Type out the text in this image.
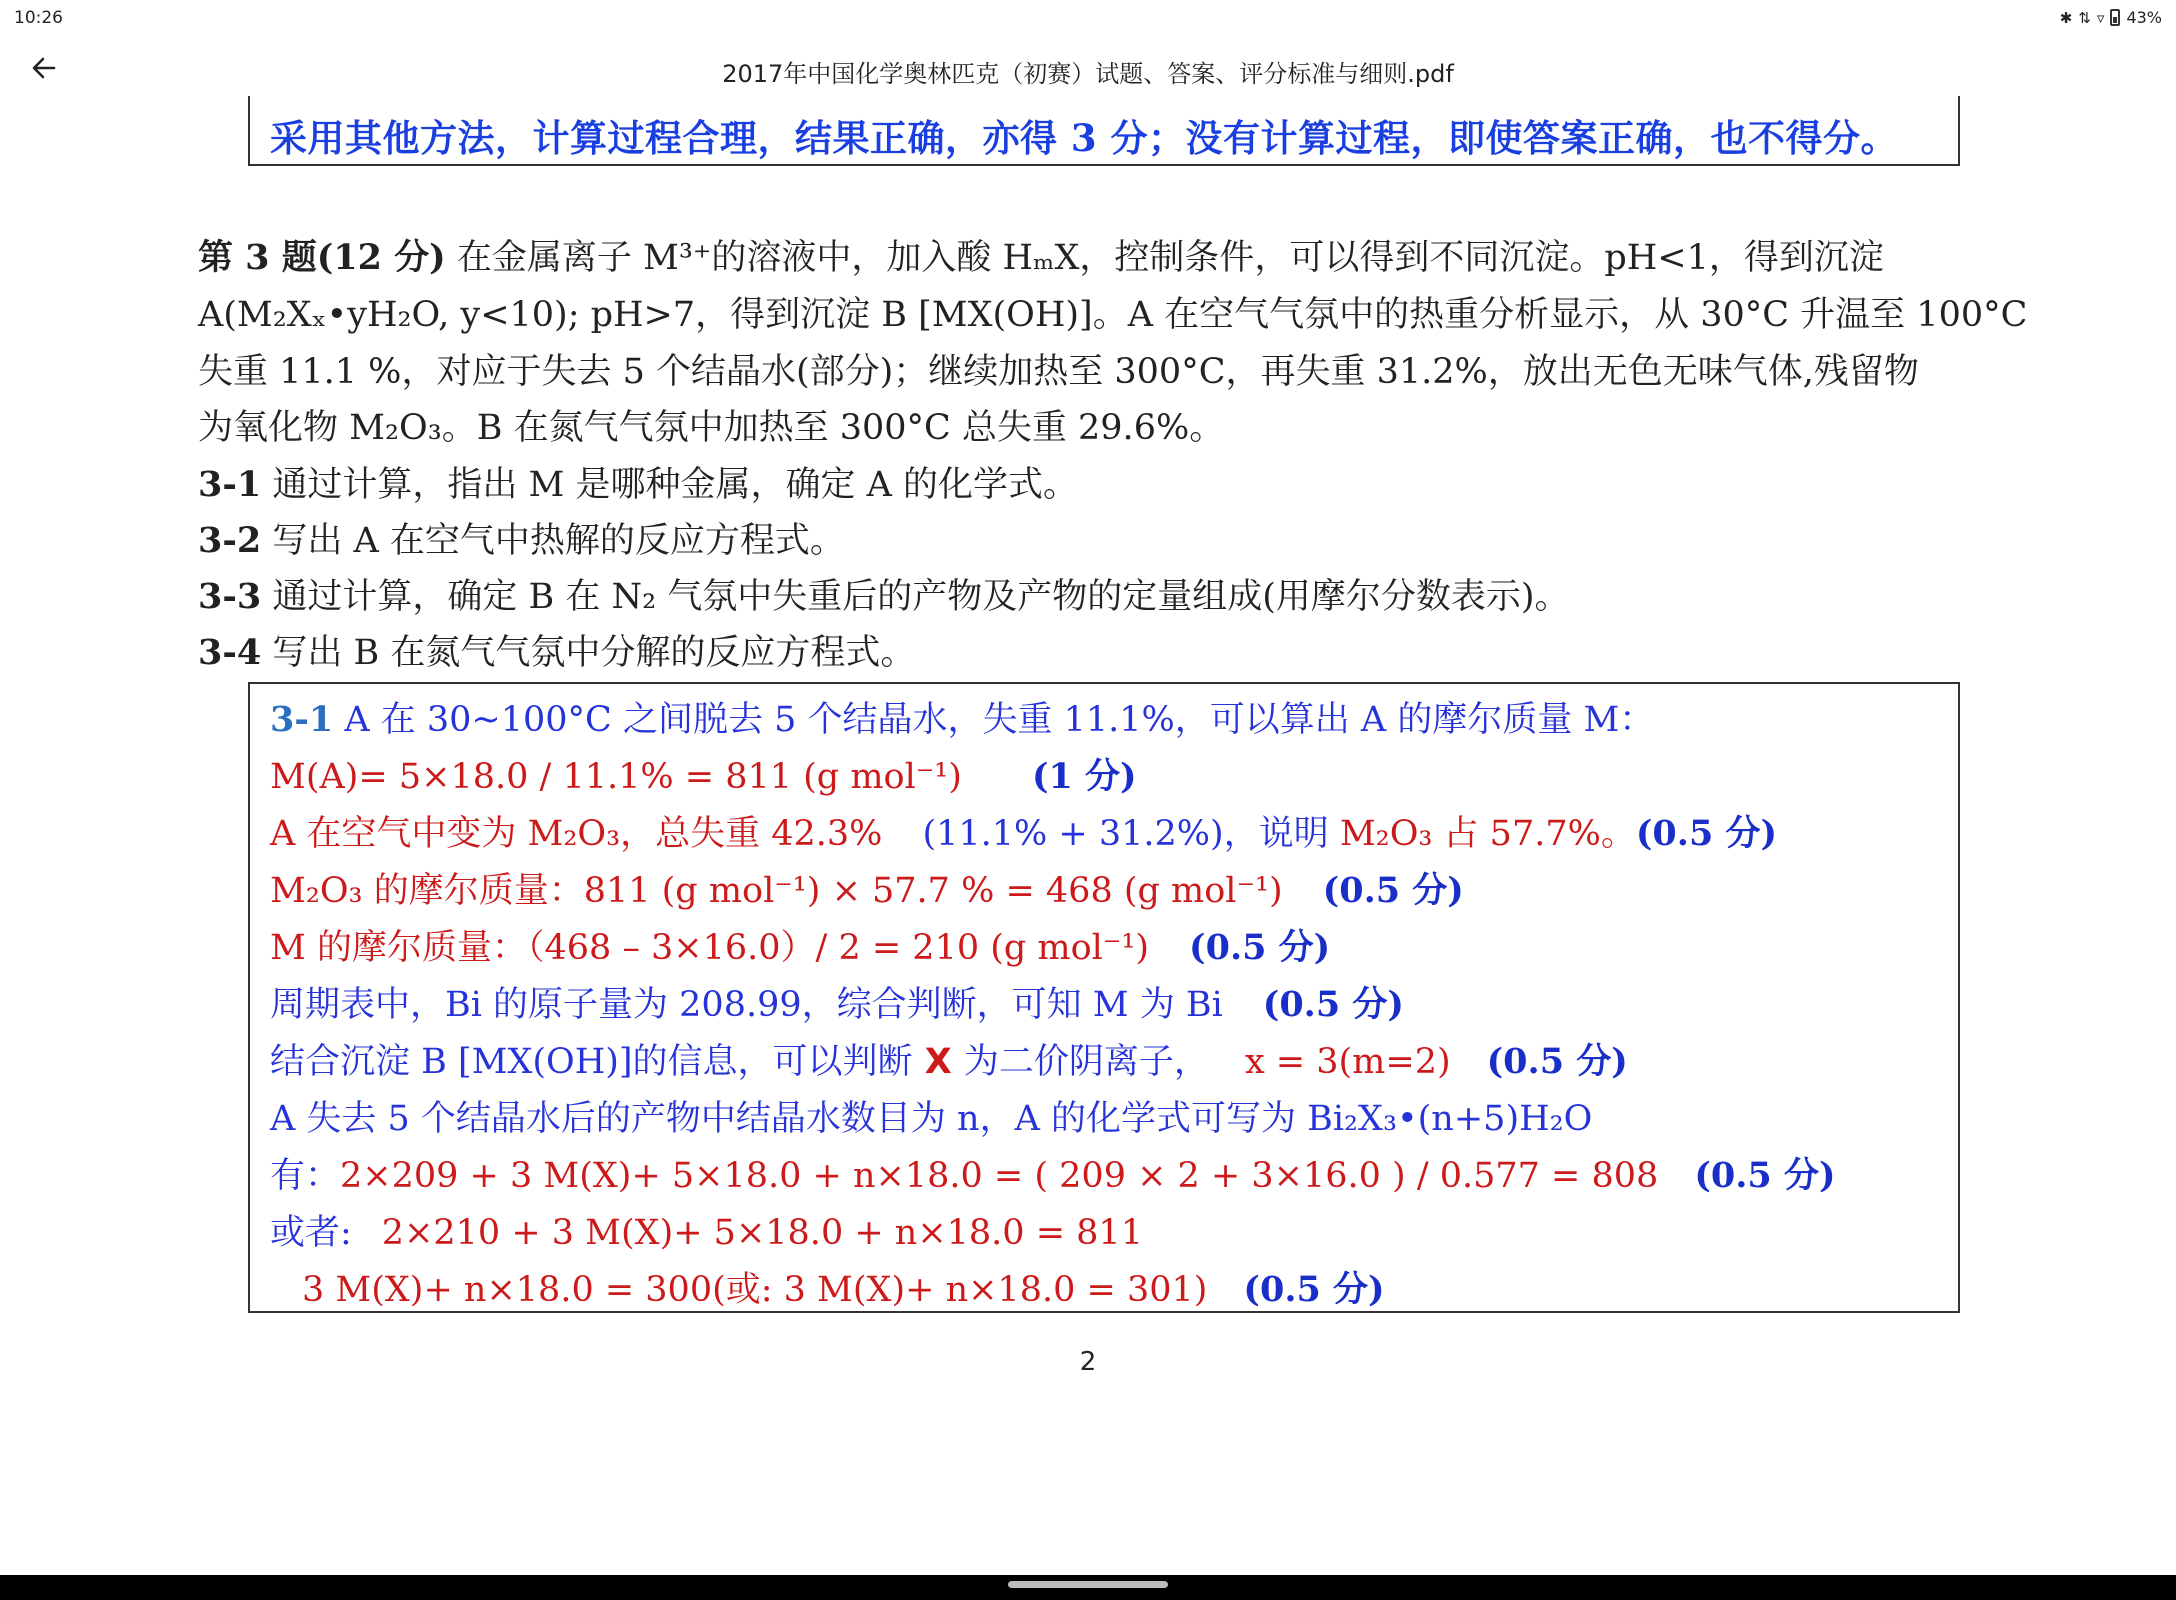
10:26	✱ ⇅ ▿ 43%
2017年中国化学奥林匹克（初赛）试题、答案、评分标准与细则.pdf
采用其他方法，计算过程合理，结果正确，亦得 3 分；没有计算过程，即使答案正确，也不得分。
第 3 题(12 分) 在金属离子 M³⁺的溶液中，加入酸 HₘX，控制条件，可以得到不同沉淀。pH<1，得到沉淀
A(M₂Xₓ•yH₂O, y<10); pH>7，得到沉淀 B [MX(OH)]。A 在空气气氛中的热重分析显示，从 30°C 升温至 100°C
失重 11.1 %，对应于失去 5 个结晶水(部分)；继续加热至 300°C，再失重 31.2%，放出无色无味气体,残留物
为氧化物 M₂O₃。B 在氮气气氛中加热至 300°C 总失重 29.6%。
3-1 通过计算，指出 M 是哪种金属，确定 A 的化学式。
3-2 写出 A 在空气中热解的反应方程式。
3-3 通过计算，确定 B 在 N₂ 气氛中失重后的产物及产物的定量组成(用摩尔分数表示)。
3-4 写出 B 在氮气气氛中分解的反应方程式。
3-1 A 在 30~100°C 之间脱去 5 个结晶水，失重 11.1%，可以算出 A 的摩尔质量 M：
M(A)= 5×18.0 / 11.1% = 811 (g mol⁻¹) (1 分)
A 在空气中变为 M₂O₃，总失重 42.3% (11.1% + 31.2%)，说明 M₂O₃ 占 57.7%。(0.5 分)
M₂O₃ 的摩尔质量：811 (g mol⁻¹) × 57.7 % = 468 (g mol⁻¹) (0.5 分)
M 的摩尔质量：（468 – 3×16.0）/ 2 = 210 (g mol⁻¹) (0.5 分)
周期表中，Bi 的原子量为 208.99，综合判断，可知 M 为 Bi (0.5 分)
结合沉淀 B [MX(OH)]的信息，可以判断 X 为二价阴离子， x = 3(m=2) (0.5 分)
A 失去 5 个结晶水后的产物中结晶水数目为 n，A 的化学式可写为 Bi₂X₃•(n+5)H₂O
有：2×209 + 3 M(X)+ 5×18.0 + n×18.0 = ( 209 × 2 + 3×16.0 ) / 0.577 = 808 (0.5 分)
或者: 2×210 + 3 M(X)+ 5×18.0 + n×18.0 = 811
3 M(X)+ n×18.0 = 300(或: 3 M(X)+ n×18.0 = 301) (0.5 分)
2
